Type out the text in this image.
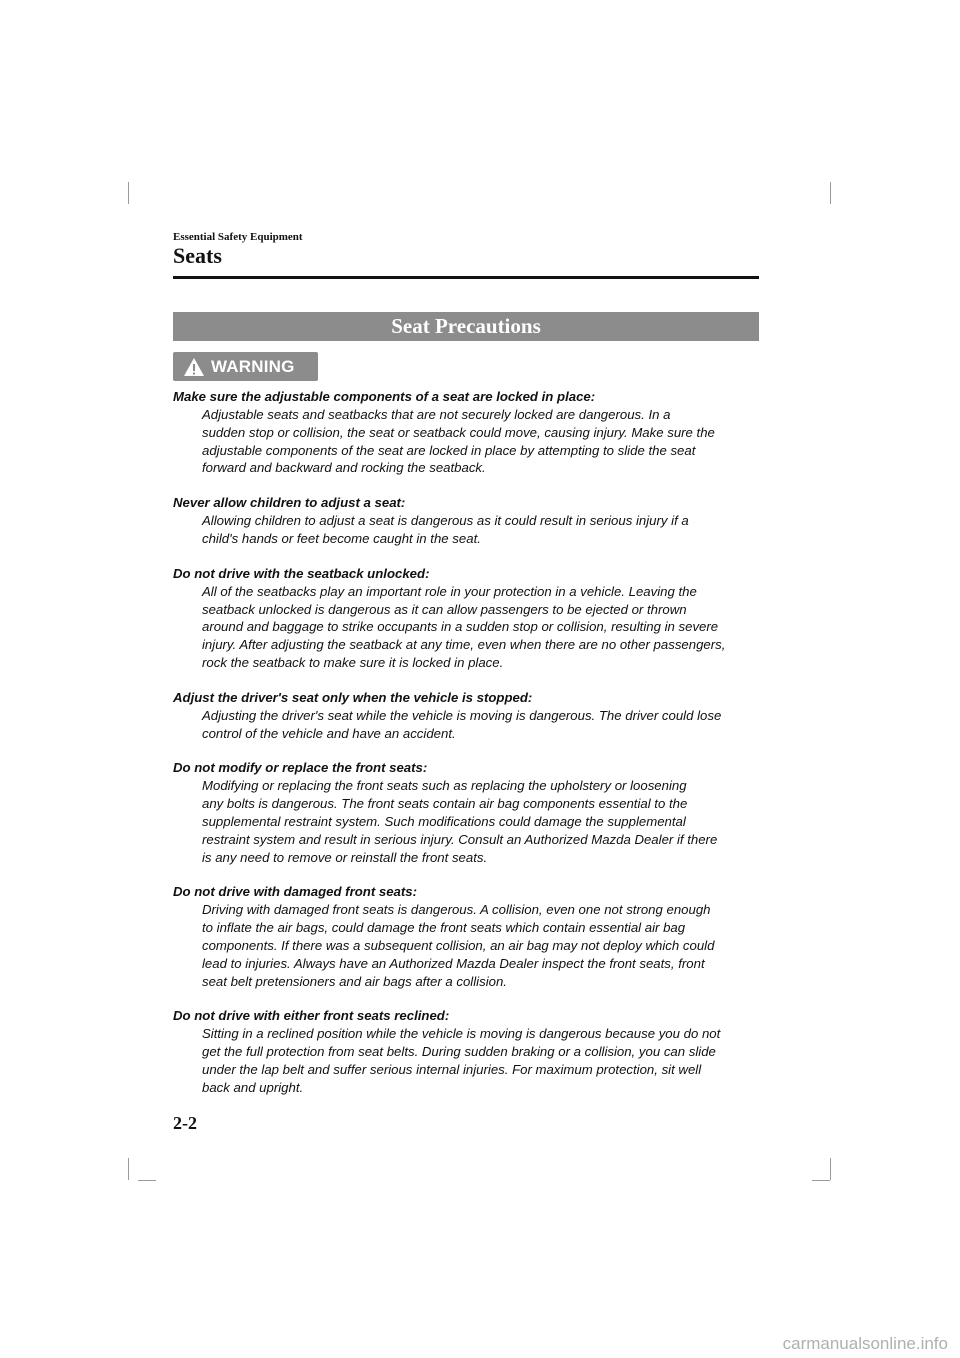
Essential Safety Equipment
Seats
Seat Precautions
WARNING
Make sure the adjustable components of a seat are locked in place:
Adjustable seats and seatbacks that are not securely locked are dangerous. In a
sudden stop or collision, the seat or seatback could move, causing injury. Make sure the
adjustable components of the seat are locked in place by attempting to slide the seat
forward and backward and rocking the seatback.
Never allow children to adjust a seat:
Allowing children to adjust a seat is dangerous as it could result in serious injury if a
child's hands or feet become caught in the seat.
Do not drive with the seatback unlocked:
All of the seatbacks play an important role in your protection in a vehicle. Leaving the
seatback unlocked is dangerous as it can allow passengers to be ejected or thrown
around and baggage to strike occupants in a sudden stop or collision, resulting in severe
injury. After adjusting the seatback at any time, even when there are no other passengers,
rock the seatback to make sure it is locked in place.
Adjust the driver's seat only when the vehicle is stopped:
Adjusting the driver's seat while the vehicle is moving is dangerous. The driver could lose
control of the vehicle and have an accident.
Do not modify or replace the front seats:
Modifying or replacing the front seats such as replacing the upholstery or loosening
any bolts is dangerous. The front seats contain air bag components essential to the
supplemental restraint system. Such modifications could damage the supplemental
restraint system and result in serious injury. Consult an Authorized Mazda Dealer if there
is any need to remove or reinstall the front seats.
Do not drive with damaged front seats:
Driving with damaged front seats is dangerous. A collision, even one not strong enough
to inflate the air bags, could damage the front seats which contain essential air bag
components. If there was a subsequent collision, an air bag may not deploy which could
lead to injuries. Always have an Authorized Mazda Dealer inspect the front seats, front
seat belt pretensioners and air bags after a collision.
Do not drive with either front seats reclined:
Sitting in a reclined position while the vehicle is moving is dangerous because you do not
get the full protection from seat belts. During sudden braking or a collision, you can slide
under the lap belt and suffer serious internal injuries. For maximum protection, sit well
back and upright.
2-2
carmanualsonline.info
